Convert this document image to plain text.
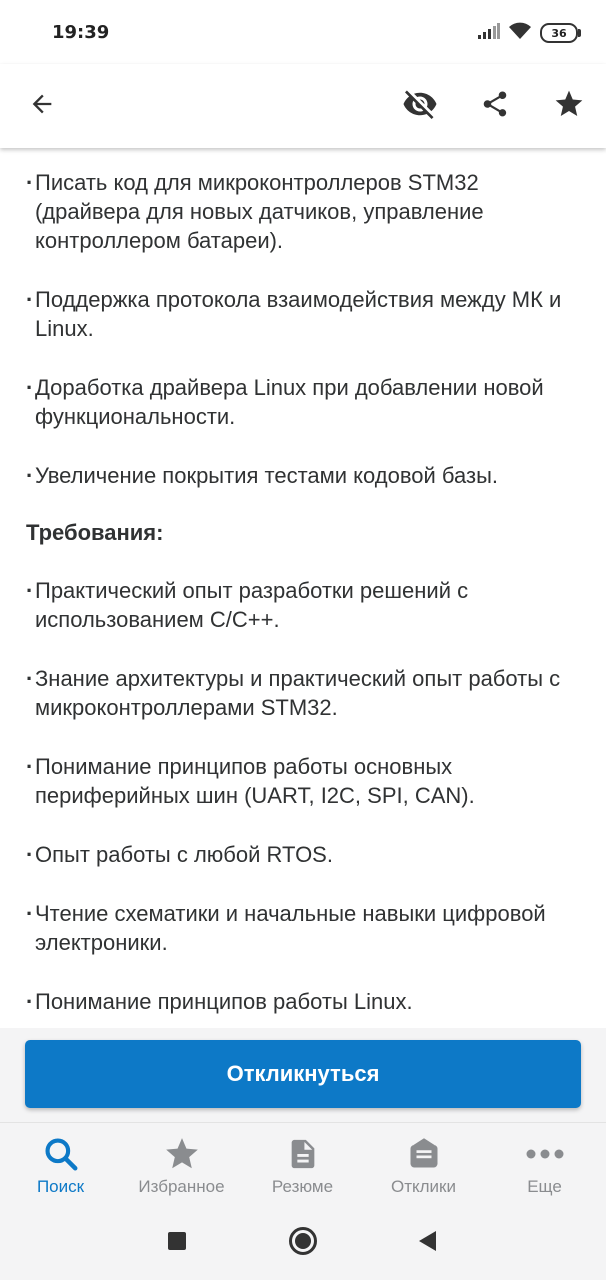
19:39	36
· Писать код для микроконтроллеров STM32 (драйвера для новых датчиков, управление контроллером батареи).
· Поддержка протокола взаимодействия между МК и Linux.
· Доработка драйвера Linux при добавлении новой функциональности.
· Увеличение покрытия тестами кодовой базы.
Требования:
· Практический опыт разработки решений с использованием C/C++.
· Знание архитектуры и практический опыт работы с микроконтроллерами STM32.
· Понимание принципов работы основных периферийных шин (UART, I2C, SPI, CAN).
· Опыт работы с любой RTOS.
· Чтение схематики и начальные навыки цифровой электроники.
· Понимание принципов работы Linux.
Откликнуться
Поиск	Избранное	Резюме	Отклики	Еще
